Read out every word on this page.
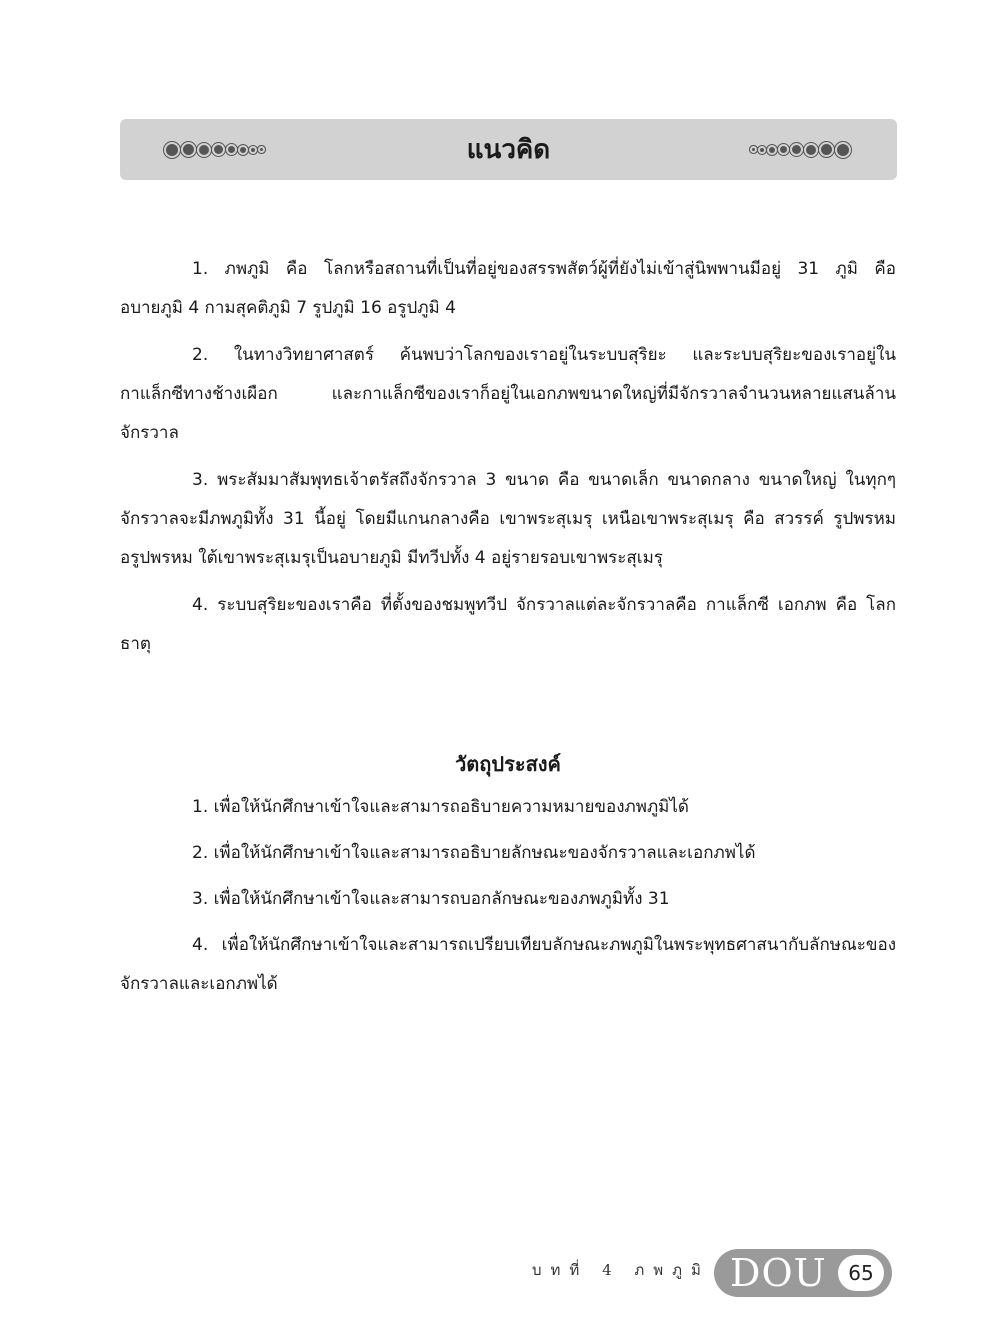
แนวคิด

1. ภพภูมิ คือ โลกหรือสถานที่เป็นที่อยู่ของสรรพสัตว์ผู้ที่ยังไม่เข้าสู่นิพพานมีอยู่ 31 ภูมิ คือ อบายภูมิ 4 กามสุคติภูมิ 7 รูปภูมิ 16 อรูปภูมิ 4

2. ในทางวิทยาศาสตร์ ค้นพบว่าโลกของเราอยู่ในระบบสุริยะ และระบบสุริยะของเราอยู่ในกาแล็กซีทางช้างเผือก และกาแล็กซีของเราก็อยู่ในเอกภพขนาดใหญ่ที่มีจักรวาลจำนวนหลายแสนล้านจักรวาล

3. พระสัมมาสัมพุทธเจ้าตรัสถึงจักรวาล 3 ขนาด คือ ขนาดเล็ก ขนาดกลาง ขนาดใหญ่ ในทุกๆ จักรวาลจะมีภพภูมิทั้ง 31 นี้อยู่ โดยมีแกนกลางคือ เขาพระสุเมรุ เหนือเขาพระสุเมรุ คือ สวรรค์ รูปพรหม อรูปพรหม ใต้เขาพระสุเมรุเป็นอบายภูมิ มีทวีปทั้ง 4 อยู่รายรอบเขาพระสุเมรุ

4. ระบบสุริยะของเราคือ ที่ตั้งของชมพูทวีป จักรวาลแต่ละจักรวาลคือ กาแล็กซี เอกภพ คือ โลกธาตุ

วัตถุประสงค์

1. เพื่อให้นักศึกษาเข้าใจและสามารถอธิบายความหมายของภพภูมิได้

2. เพื่อให้นักศึกษาเข้าใจและสามารถอธิบายลักษณะของจักรวาลและเอกภพได้

3. เพื่อให้นักศึกษาเข้าใจและสามารถบอกลักษณะของภพภูมิทั้ง 31

4. เพื่อให้นักศึกษาเข้าใจและสามารถเปรียบเทียบลักษณะภพภูมิในพระพุทธศาสนากับลักษณะของจักรวาลและเอกภพได้

บทที่ 4 ภพภูมิ DOU	65
